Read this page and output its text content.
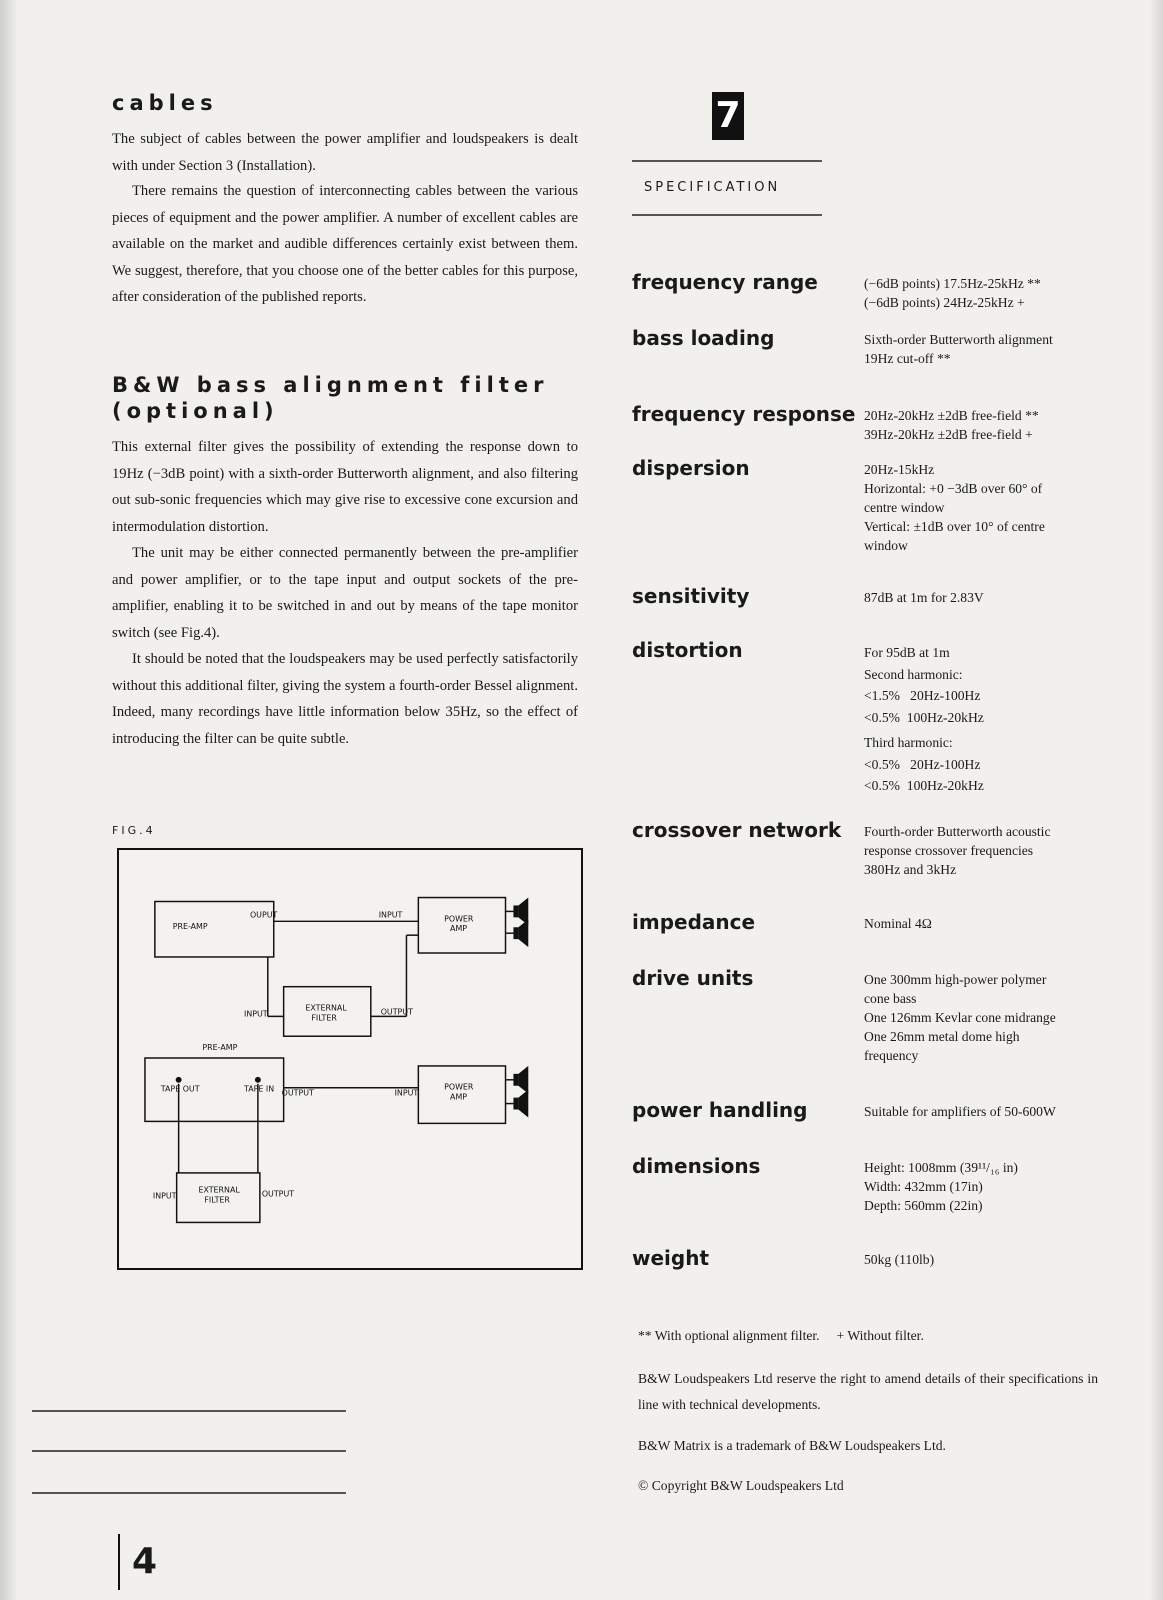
cables

The subject of cables between the power amplifier and loudspeakers is dealt with under Section 3 (Installation).

There remains the question of interconnecting cables between the various pieces of equipment and the power amplifier. A number of excellent cables are available on the market and audible differences certainly exist between them. We suggest, therefore, that you choose one of the better cables for this purpose, after consideration of the published reports.

B&W bass alignment filter
(optional)

This external filter gives the possibility of extending the response down to 19Hz (−3dB point) with a sixth-order Butterworth alignment, and also filtering out sub-sonic frequencies which may give rise to excessive cone excursion and intermodulation distortion.

The unit may be either connected permanently between the pre-amplifier and power amplifier, or to the tape input and output sockets of the pre-amplifier, enabling it to be switched in and out by means of the tape monitor switch (see Fig.4).

It should be noted that the loudspeakers may be used perfectly satisfactorily without this additional filter, giving the system a fourth-order Bessel alignment. Indeed, many recordings have little information below 35Hz, so the effect of introducing the filter can be quite subtle.

FIG.4
PRE-AMP
OUPUT	INPUT	POWER
AMP
EXTERNAL
FILTER
INPUT	OUTPUT
PRE-AMP
TAPE OUT	TAPE IN OUTPUT	INPUT
POWER
AMP
EXTERNAL
FILTER
INPUT	OUTPUT
4
7
SPECIFICATION
frequency range	(−6dB points) 17.5Hz-25kHz **
(−6dB points) 24Hz-25kHz +
bass loading	Sixth-order Butterworth alignment
19Hz cut-off **
frequency response 20Hz-20kHz ±2dB free-field **
39Hz-20kHz ±2dB free-field +
dispersion	20Hz-15kHz
Horizontal: +0 −3dB over 60° of
centre window
Vertical: ±1dB over 10° of centre
window
sensitivity	87dB at 1m for 2.83V
distortion	For 95dB at 1m
Second harmonic:
<1.5%   20Hz-100Hz
<0.5%  100Hz-20kHz
Third harmonic:
<0.5%   20Hz-100Hz
<0.5%  100Hz-20kHz
crossover network Fourth-order Butterworth acoustic
response crossover frequencies
380Hz and 3kHz
impedance	Nominal 4Ω
drive units	One 300mm high-power polymer
cone bass
One 126mm Kevlar cone midrange
One 26mm metal dome high
frequency
power handling	Suitable for amplifiers of 50-600W
dimensions	Height: 1008mm (39¹¹/₁₆ in)
Width: 432mm (17in)
Depth: 560mm (22in)
weight	50kg (110lb)
** With optional alignment filter.     + Without filter.
B&W Loudspeakers Ltd reserve the right to amend details of their specifications in line with technical developments.
B&W Matrix is a trademark of B&W Loudspeakers Ltd.
© Copyright B&W Loudspeakers Ltd
